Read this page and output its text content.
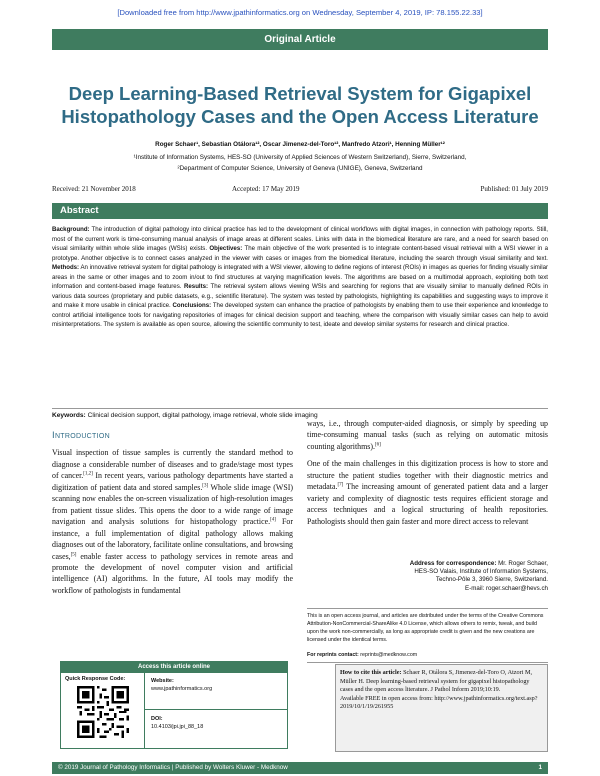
[Downloaded free from http://www.jpathinformatics.org on Wednesday, September 4, 2019, IP: 78.155.22.33]
Original Article
Deep Learning-Based Retrieval System for Gigapixel Histopathology Cases and the Open Access Literature
Roger Schaer¹, Sebastian Otálora¹², Oscar Jimenez-del-Toro¹², Manfredo Atzori¹, Henning Müller¹²
¹Institute of Information Systems, HES-SO (University of Applied Sciences of Western Switzerland), Sierre, Switzerland,
²Department of Computer Science, University of Geneva (UNIGE), Geneva, Switzerland
Received: 21 November 2018	Accepted: 17 May 2019	Published: 01 July 2019
Abstract

Background: The introduction of digital pathology into clinical practice has led to the development of clinical workflows with digital images, in connection with pathology reports. Still, most of the current work is time-consuming manual analysis of image areas at different scales. Links with data in the biomedical literature are rare, and a need for search based on visual similarity within whole slide images (WSIs) exists. Objectives: The main objective of the work presented is to integrate content-based visual retrieval with a WSI viewer in a prototype. Another objective is to connect cases analyzed in the viewer with cases or images from the biomedical literature, including the search through visual similarity and text. Methods: An innovative retrieval system for digital pathology is integrated with a WSI viewer, allowing to define regions of interest (ROIs) in images as queries for finding visually similar areas in the same or other images and to zoom in/out to find structures at varying magnification levels. The algorithms are based on a multimodal approach, exploiting both text information and content-based image features. Results: The retrieval system allows viewing WSIs and searching for regions that are visually similar to manually defined ROIs in various data sources (proprietary and public datasets, e.g., scientific literature). The system was tested by pathologists, highlighting its capabilities and suggesting ways to improve it and make it more usable in clinical practice. Conclusions: The developed system can enhance the practice of pathologists by enabling them to use their experience and knowledge to control artificial intelligence tools for navigating repositories of images for clinical decision support and teaching, where the comparison with visually similar cases can help to avoid misinterpretations. The system is available as open source, allowing the scientific community to test, ideate and develop similar systems for research and clinical practice.

Keywords: Clinical decision support, digital pathology, image retrieval, whole slide imaging
Introduction

Visual inspection of tissue samples is currently the standard method to diagnose a considerable number of diseases and to grade/stage most types of cancer.[1,2] In recent years, various pathology departments have started a digitization of patient data and stored samples.[3] Whole slide image (WSI) scanning now enables the on-screen visualization of high-resolution images from patient tissue slides. This opens the door to a wide range of image navigation and analysis solutions for histopathology practice.[4] For instance, a full implementation of digital pathology allows making diagnoses out of the laboratory, facilitate online consultations, and browsing cases,[5] enable faster access to pathology services in remote areas and promote the development of novel computer vision and artificial intelligence (AI) algorithms. In the future, AI tools may modify the workflow of pathologists in fundamental

ways, i.e., through computer-aided diagnosis, or simply by speeding up time-consuming manual tasks (such as relying on automatic mitosis counting algorithms).[6]

One of the main challenges in this digitization process is how to store and structure the patient studies together with their diagnostic metrics and metadata.[7] The increasing amount of generated patient data and a larger variety and complexity of diagnostic tests requires efficient storage and access techniques and a logical structuring of health repositories. Pathologists should then gain faster and more direct access to relevant

Address for correspondence: Mr. Roger Schaer,
HES-SO Valais, Institute of Information Systems,
Techno-Pôle 3, 3960 Sierre, Switzerland.
E-mail: roger.schaer@hevs.ch
This is an open access journal, and articles are distributed under the terms of the Creative Commons Attribution-NonCommercial-ShareAlike 4.0 License, which allows others to remix, tweak, and build upon the work non-commercially, as long as appropriate credit is given and the new creations are licensed under the identical terms.
For reprints contact: reprints@medknow.com
Access this article online
Quick Response Code:	Website:
www.jpathinformatics.org
DOI:
10.4103/jpi.jpi_88_18
How to cite this article: Schaer R, Otálora S, Jimenez-del-Toro O, Atzori M, Müller H. Deep learning-based retrieval system for gigapixel histopathology cases and the open access literature. J Pathol Inform 2019;10:19.
Available FREE in open access from: http://www.jpathinformatics.org/text.asp?2019/10/1/19/261955
© 2019 Journal of Pathology Informatics | Published by Wolters Kluwer - Medknow	1
